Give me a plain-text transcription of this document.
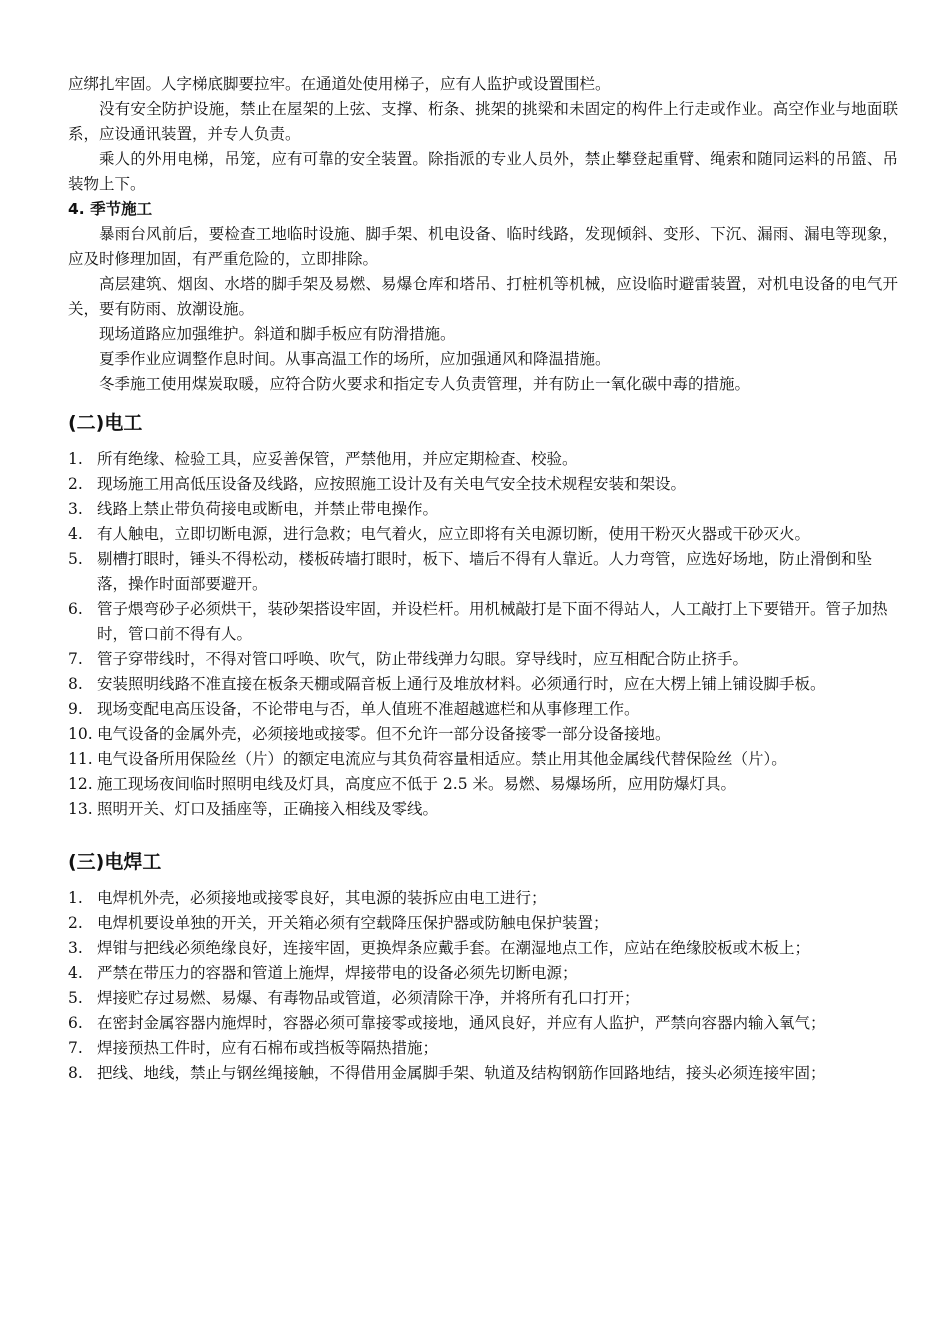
应绑扎牢固。人字梯底脚要拉牢。在通道处使用梯子，应有人监护或设置围栏。

没有安全防护设施，禁止在屋架的上弦、支撑、桁条、挑架的挑梁和未固定的构件上行走或作业。高空作业与地面联系，应设通讯装置，并专人负责。

乘人的外用电梯，吊笼，应有可靠的安全装置。除指派的专业人员外，禁止攀登起重臂、绳索和随同运料的吊篮、吊装物上下。

4. 季节施工

暴雨台风前后，要检查工地临时设施、脚手架、机电设备、临时线路，发现倾斜、变形、下沉、漏雨、漏电等现象，应及时修理加固，有严重危险的，立即排除。

高层建筑、烟囱、水塔的脚手架及易燃、易爆仓库和塔吊、打桩机等机械，应设临时避雷装置，对机电设备的电气开关，要有防雨、放潮设施。

现场道路应加强维护。斜道和脚手板应有防滑措施。

夏季作业应调整作息时间。从事高温工作的场所，应加强通风和降温措施。

冬季施工使用煤炭取暖，应符合防火要求和指定专人负责管理，并有防止一氧化碳中毒的措施。

(二)电工
1. 所有绝缘、检验工具，应妥善保管，严禁他用，并应定期检查、校验。
2. 现场施工用高低压设备及线路，应按照施工设计及有关电气安全技术规程安装和架设。
3. 线路上禁止带负荷接电或断电，并禁止带电操作。
4. 有人触电，立即切断电源，进行急救；电气着火，应立即将有关电源切断，使用干粉灭火器或干砂灭火。
5. 剔槽打眼时，锤头不得松动，楼板砖墙打眼时，板下、墙后不得有人靠近。人力弯管，应选好场地，防止滑倒和坠落，操作时面部要避开。
6. 管子煨弯砂子必须烘干，装砂架搭设牢固，并设栏杆。用机械敲打是下面不得站人，人工敲打上下要错开。管子加热时，管口前不得有人。
7. 管子穿带线时，不得对管口呼唤、吹气，防止带线弹力勾眼。穿导线时，应互相配合防止挤手。
8. 安装照明线路不准直接在板条天棚或隔音板上通行及堆放材料。必须通行时，应在大楞上铺上铺设脚手板。
9. 现场变配电高压设备，不论带电与否，单人值班不准超越遮栏和从事修理工作。
10. 电气设备的金属外壳，必须接地或接零。但不允许一部分设备接零一部分设备接地。
11. 电气设备所用保险丝（片）的额定电流应与其负荷容量相适应。禁止用其他金属线代替保险丝（片）。
12. 施工现场夜间临时照明电线及灯具，高度应不低于 2.5 米。易燃、易爆场所，应用防爆灯具。
13. 照明开关、灯口及插座等，正确接入相线及零线。
(三)电焊工
1. 电焊机外壳，必须接地或接零良好，其电源的装拆应由电工进行；
2. 电焊机要设单独的开关，开关箱必须有空载降压保护器或防触电保护装置；
3. 焊钳与把线必须绝缘良好，连接牢固，更换焊条应戴手套。在潮湿地点工作，应站在绝缘胶板或木板上；
4. 严禁在带压力的容器和管道上施焊，焊接带电的设备必须先切断电源；
5. 焊接贮存过易燃、易爆、有毒物品或管道，必须清除干净，并将所有孔口打开；
6. 在密封金属容器内施焊时，容器必须可靠接零或接地，通风良好，并应有人监护，严禁向容器内输入氧气；
7. 焊接预热工件时，应有石棉布或挡板等隔热措施；
8. 把线、地线，禁止与钢丝绳接触，不得借用金属脚手架、轨道及结构钢筋作回路地结，接头必须连接牢固；
